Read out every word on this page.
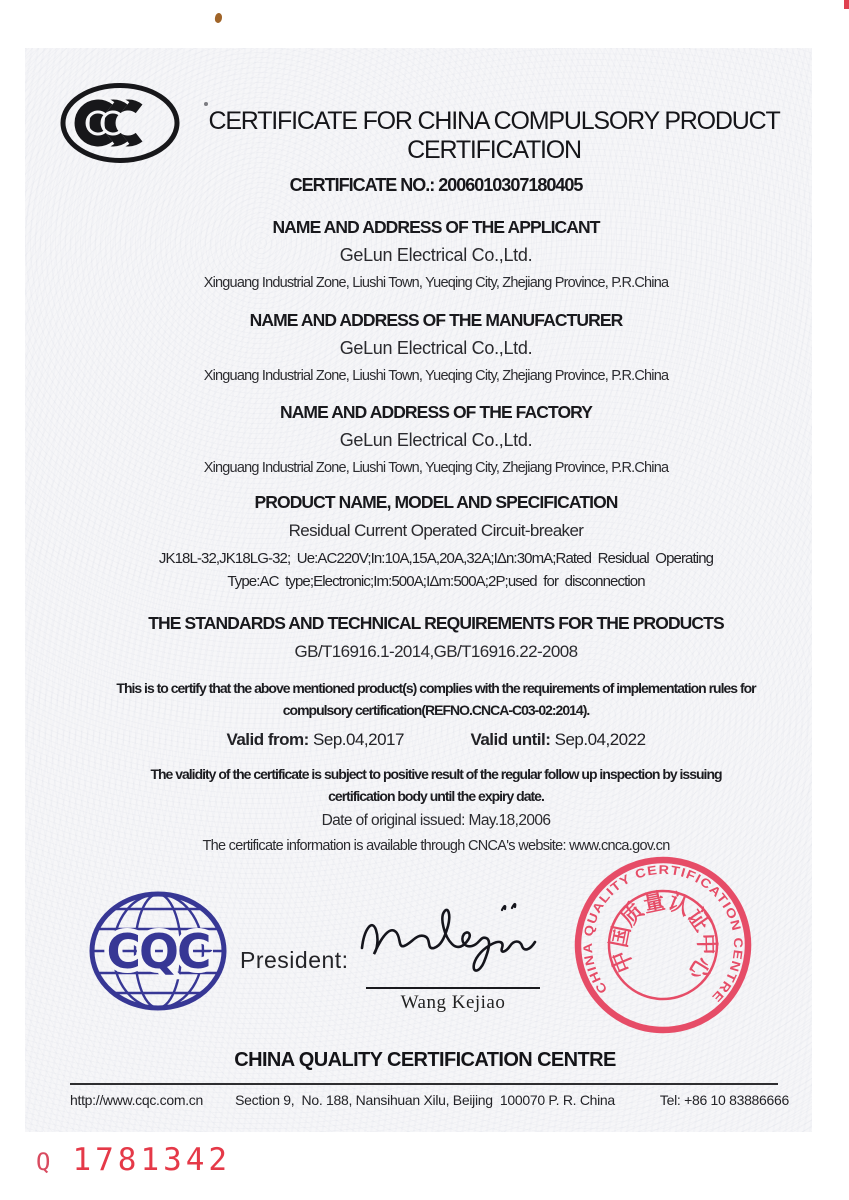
CERTIFICATE FOR CHINA COMPULSORY PRODUCT CERTIFICATION
CERTIFICATE NO.: 2006010307180405
NAME AND ADDRESS OF THE APPLICANT
GeLun Electrical Co.,Ltd.
Xinguang Industrial Zone, Liushi Town, Yueqing City, Zhejiang Province, P.R.China
NAME AND ADDRESS OF THE MANUFACTURER
GeLun Electrical Co.,Ltd.
Xinguang Industrial Zone, Liushi Town, Yueqing City, Zhejiang Province, P.R.China
NAME AND ADDRESS OF THE FACTORY
GeLun Electrical Co.,Ltd.
Xinguang Industrial Zone, Liushi Town, Yueqing City, Zhejiang Province, P.R.China
PRODUCT NAME, MODEL AND SPECIFICATION
Residual Current Operated Circuit-breaker
JK18L-32,JK18LG-32;  Ue:AC220V;In:10A,15A,20A,32A;IΔn:30mA;Rated  Residual  Operating
Type:AC  type;Electronic;Im:500A;IΔm:500A;2P;used  for  disconnection
THE STANDARDS AND TECHNICAL REQUIREMENTS FOR THE PRODUCTS
GB/T16916.1-2014,GB/T16916.22-2008
This is to certify that the above mentioned product(s) complies with the requirements of implementation rules for compulsory certification(REFNO.CNCA-C03-02:2014).
Valid from: Sep.04,2017	Valid until: Sep.04,2022
The validity of the certificate is subject to positive result of the regular follow up inspection by issuing certification body until the expiry date.
Date of original issued: May.18,2006
The certificate information is available through CNCA's website: www.cnca.gov.cn
CQC President:
Wang Kejiao
CHINA QUALITY CERTIFICATION CENTRE
中国质量认证中心
CHINA QUALITY CERTIFICATION CENTRE
http://www.cqc.com.cn	Section 9,  No. 188, Nansihuan Xilu, Beijing  100070 P. R. China	Tel: +86 10 83886666
Q 1781342
